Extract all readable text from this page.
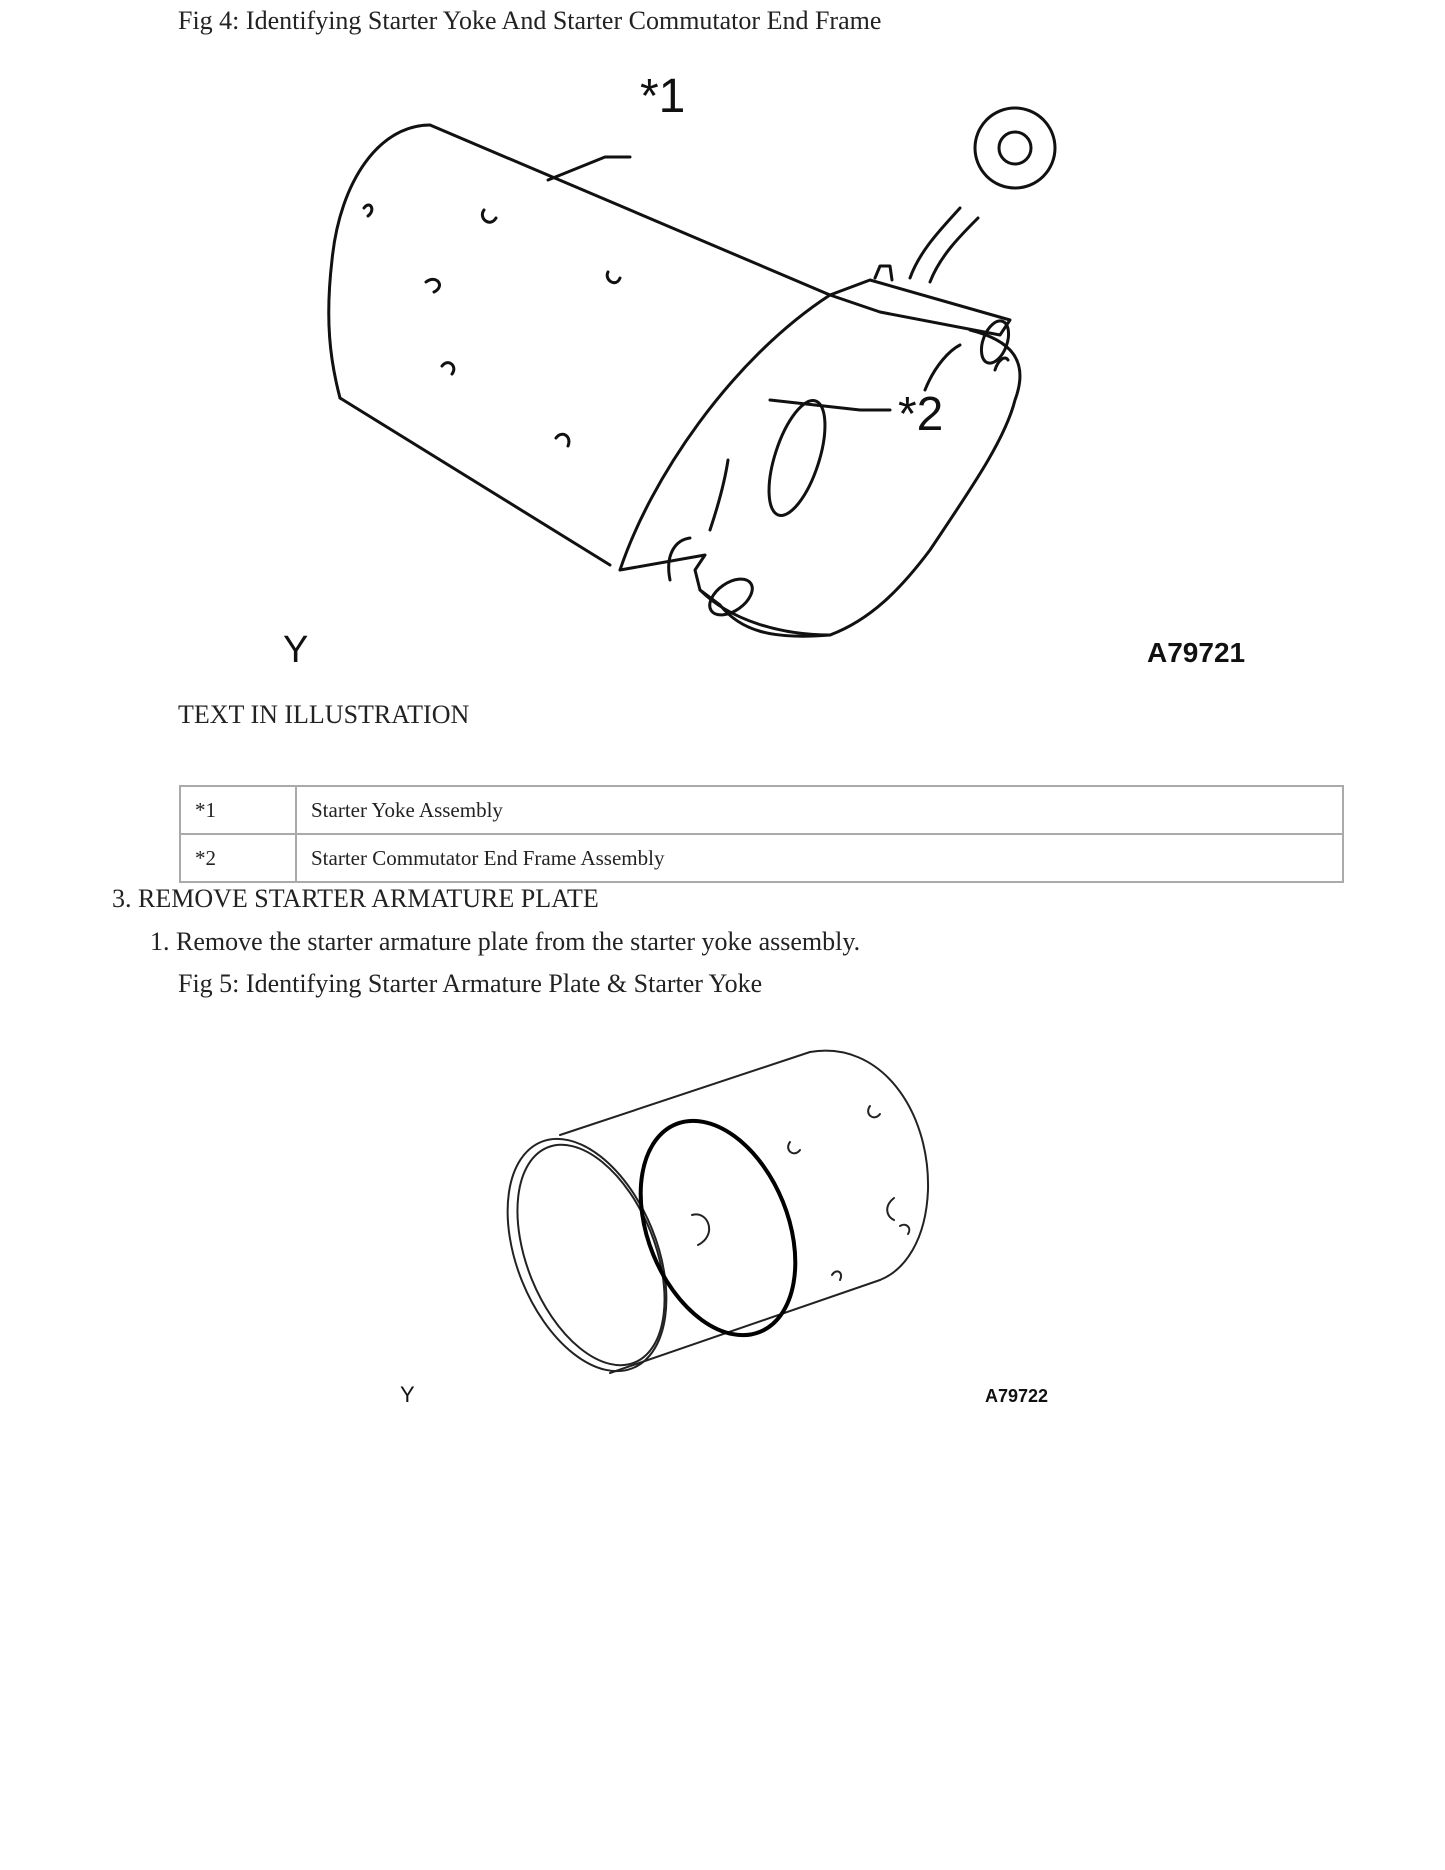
Fig 4: Identifying Starter Yoke And Starter Commutator End Frame
*1
*2
Y	A79721
TEXT IN ILLUSTRATION
*1	Starter Yoke Assembly
*2	Starter Commutator End Frame Assembly
3. REMOVE STARTER ARMATURE PLATE
1. Remove the starter armature plate from the starter yoke assembly.
Fig 5: Identifying Starter Armature Plate & Starter Yoke
Y	A79722
